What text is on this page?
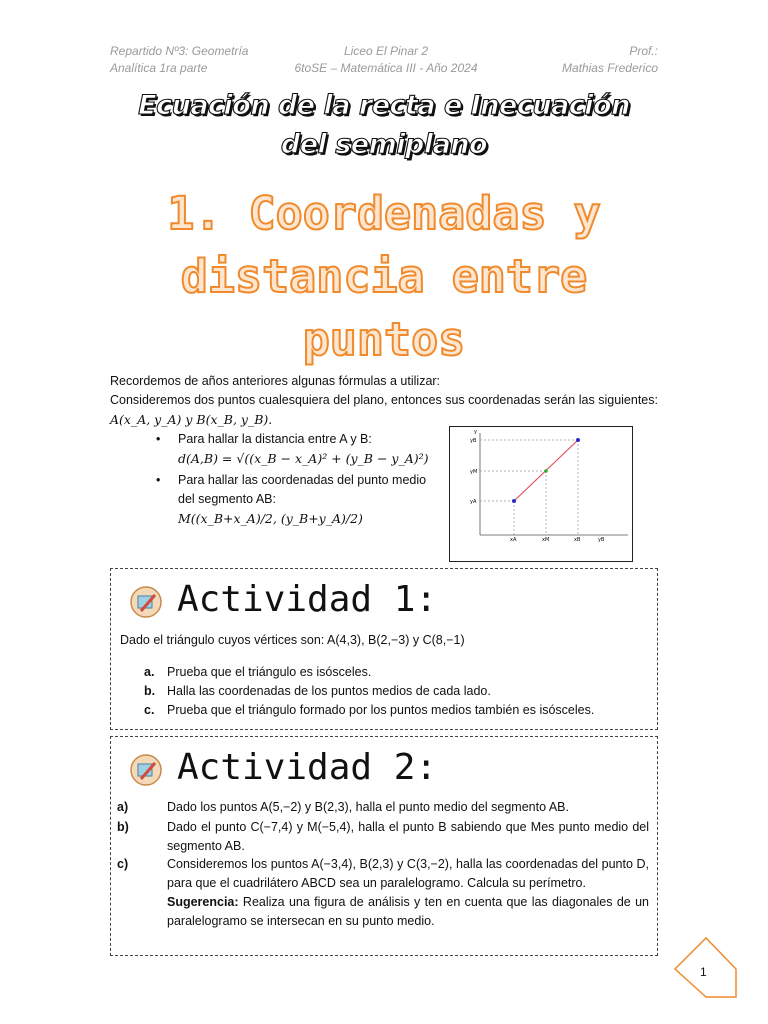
Repartido Nº3: Geometría
Analítica 1ra parte
Liceo El Pinar 2
6toSE – Matemática III - Año 2024
Prof.:
Mathias Frederico
Ecuación de la recta e Inecuación
del semiplano
1. Coordenadas y
distancia entre
puntos
Recordemos de años anteriores algunas fórmulas a utilizar:
Consideremos dos puntos cualesquiera del plano, entonces sus coordenadas serán las siguientes: A(x_A, y_A) y B(x_B, y_B).
• Para hallar la distancia entre A y B:
d(A,B) = √((x_B − x_A)² + (y_B − y_A)²)
• Para hallar las coordenadas del punto medio del segmento AB:
M((x_B+x_A)/2, (y_B+y_A)/2)
y
yB
yM
yA
xA	xM	xB	yB
Actividad 1:
Dado el triángulo cuyos vértices son: A(4,3), B(2,−3) y C(8,−1)
a. Prueba que el triángulo es isósceles.
b. Halla las coordenadas de los puntos medios de cada lado.
c. Prueba que el triángulo formado por los puntos medios también es isósceles.
Actividad 2:
a)	Dado los puntos A(5,−2) y B(2,3), halla el punto medio del segmento AB.
b)	Dado el punto C(−7,4) y M(−5,4), halla el punto B sabiendo que Mes punto medio del segmento AB.
c)	Consideremos los puntos A(−3,4), B(2,3) y C(3,−2), halla las coordenadas del punto D, para que el cuadrilátero ABCD sea un paralelogramo. Calcula su perímetro.
Sugerencia: Realiza una figura de análisis y ten en cuenta que las diagonales de un paralelogramo se intersecan en su punto medio.
1
